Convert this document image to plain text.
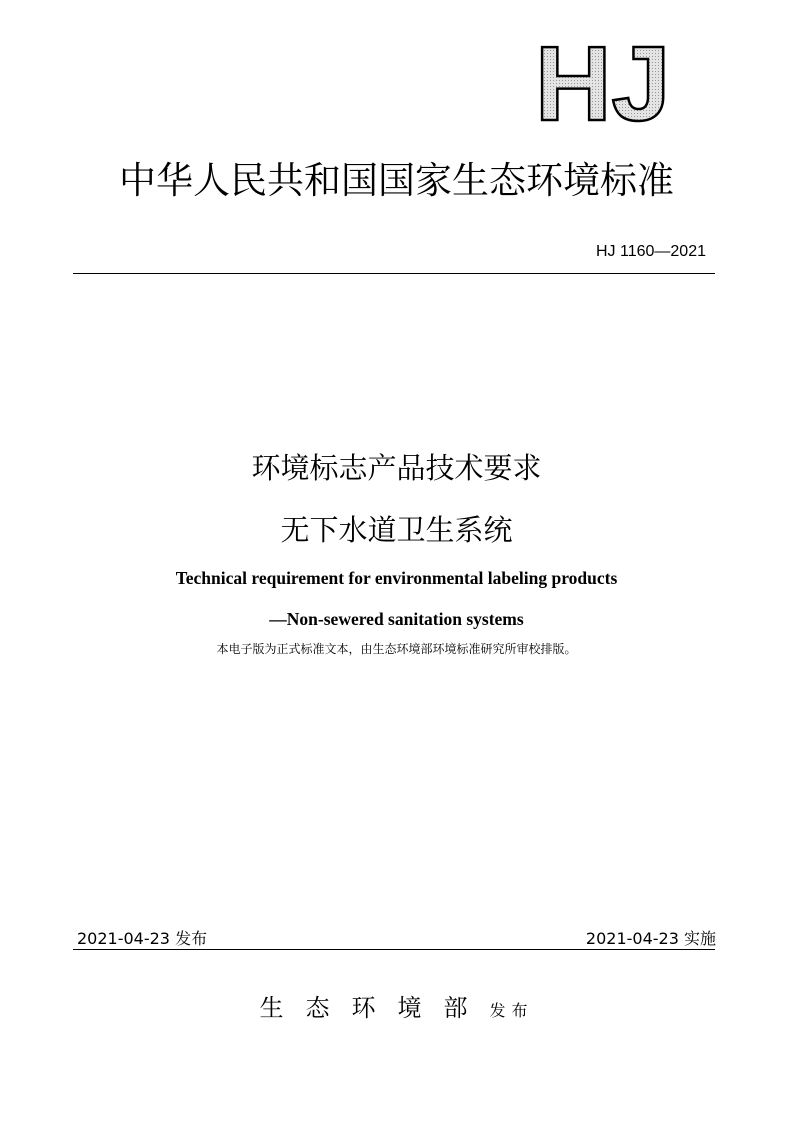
HJ
中华人民共和国国家生态环境标准
HJ 1160—2021
环境标志产品技术要求
无下水道卫生系统
Technical requirement for environmental labeling products
—Non-sewered sanitation systems
本电子版为正式标准文本，由生态环境部环境标准研究所审校排版。
2021-04-23 发布	2021-04-23 实施
生态环境部发布
